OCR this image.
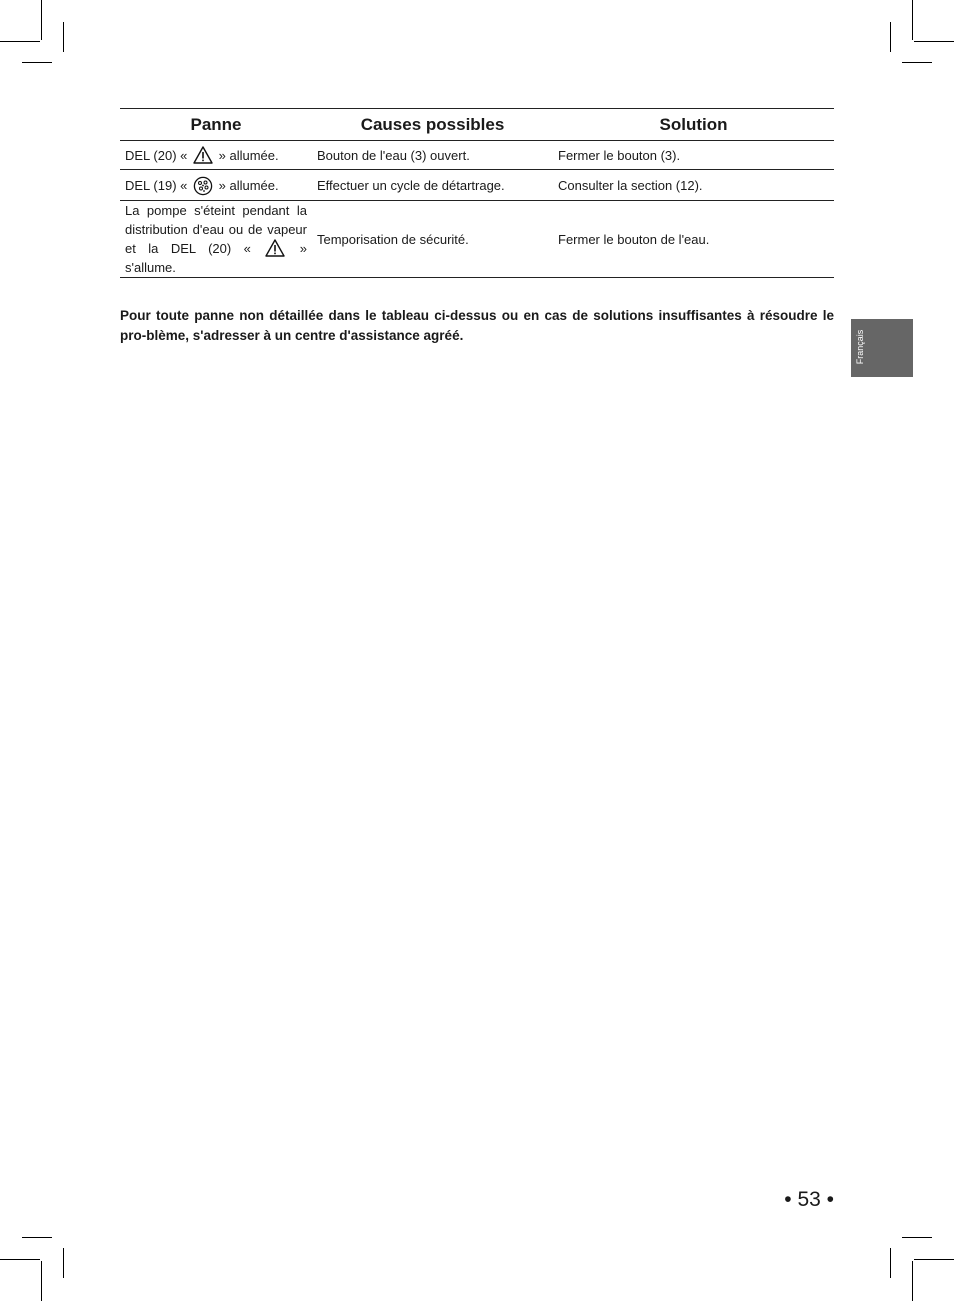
Panne	Causes possibles	Solution
DEL (20) « » allumée.	Bouton de l'eau (3) ouvert.	Fermer le bouton (3).
DEL (19) « » allumée.	Effectuer un cycle de détartrage.	Consulter la section (12).
La pompe s'éteint pendant la distribution d'eau ou de vapeur et la DEL (20) « » s'allume.	Temporisation de sécurité.	Fermer le bouton de l'eau.

Pour toute panne non détaillée dans le tableau ci-dessus ou en cas de solutions insuffisantes à résoudre le pro-blème, s'adresser à un centre d'assistance agréé.	Français
• 53 •
